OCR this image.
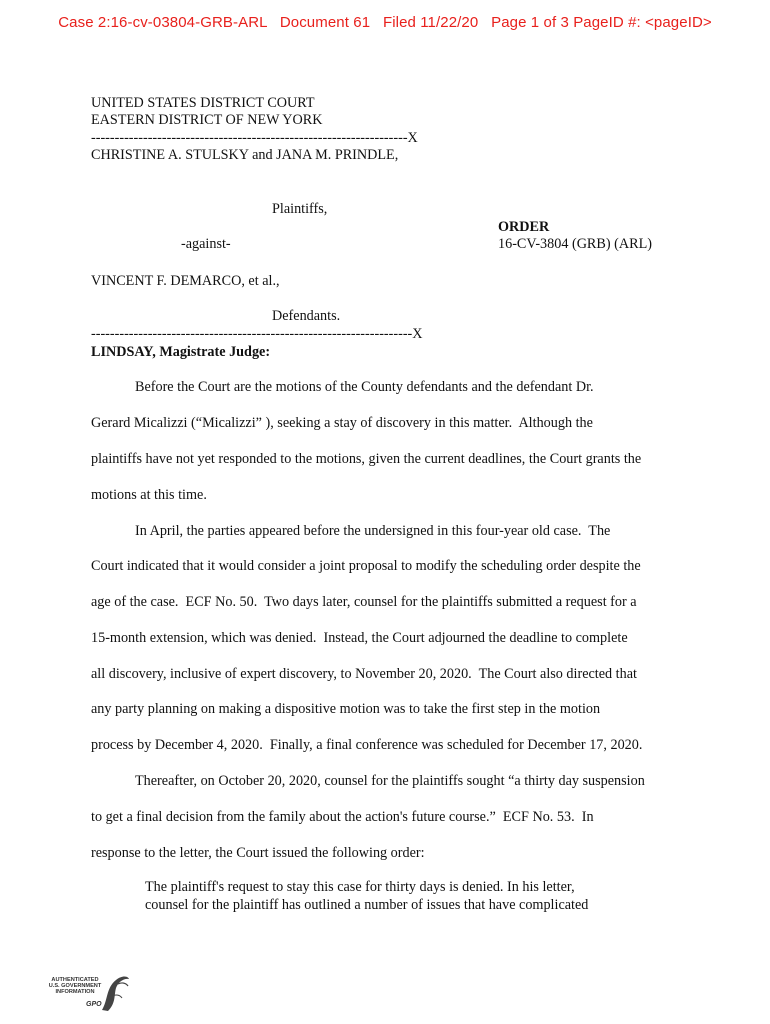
Case 2:16-cv-03804-GRB-ARL   Document 61   Filed 11/22/20   Page 1 of 3 PageID #: <pageID>
UNITED STATES DISTRICT COURT
EASTERN DISTRICT OF NEW YORK
-------------------------------------------------------------------X
CHRISTINE A. STULSKY and JANA M. PRINDLE,
Plaintiffs,
ORDER
-against-	16-CV-3804 (GRB) (ARL)
VINCENT F. DEMARCO, et al.,
Defendants.
--------------------------------------------------------------------X
LINDSAY, Magistrate Judge:
Before the Court are the motions of the County defendants and the defendant Dr.
Gerard Micalizzi (“Micalizzi” ), seeking a stay of discovery in this matter.  Although the
plaintiffs have not yet responded to the motions, given the current deadlines, the Court grants the
motions at this time.
In April, the parties appeared before the undersigned in this four-year old case.  The
Court indicated that it would consider a joint proposal to modify the scheduling order despite the
age of the case.  ECF No. 50.  Two days later, counsel for the plaintiffs submitted a request for a
15-month extension, which was denied.  Instead, the Court adjourned the deadline to complete
all discovery, inclusive of expert discovery, to November 20, 2020.  The Court also directed that
any party planning on making a dispositive motion was to take the first step in the motion
process by December 4, 2020.  Finally, a final conference was scheduled for December 17, 2020.
Thereafter, on October 20, 2020, counsel for the plaintiffs sought “a thirty day suspension
to get a final decision from the family about the action's future course.”  ECF No. 53.  In
response to the letter, the Court issued the following order:
The plaintiff's request to stay this case for thirty days is denied. In his letter,
counsel for the plaintiff has outlined a number of issues that have complicated
AUTHENTICATED
U.S. GOVERNMENT
INFORMATION
GPO
